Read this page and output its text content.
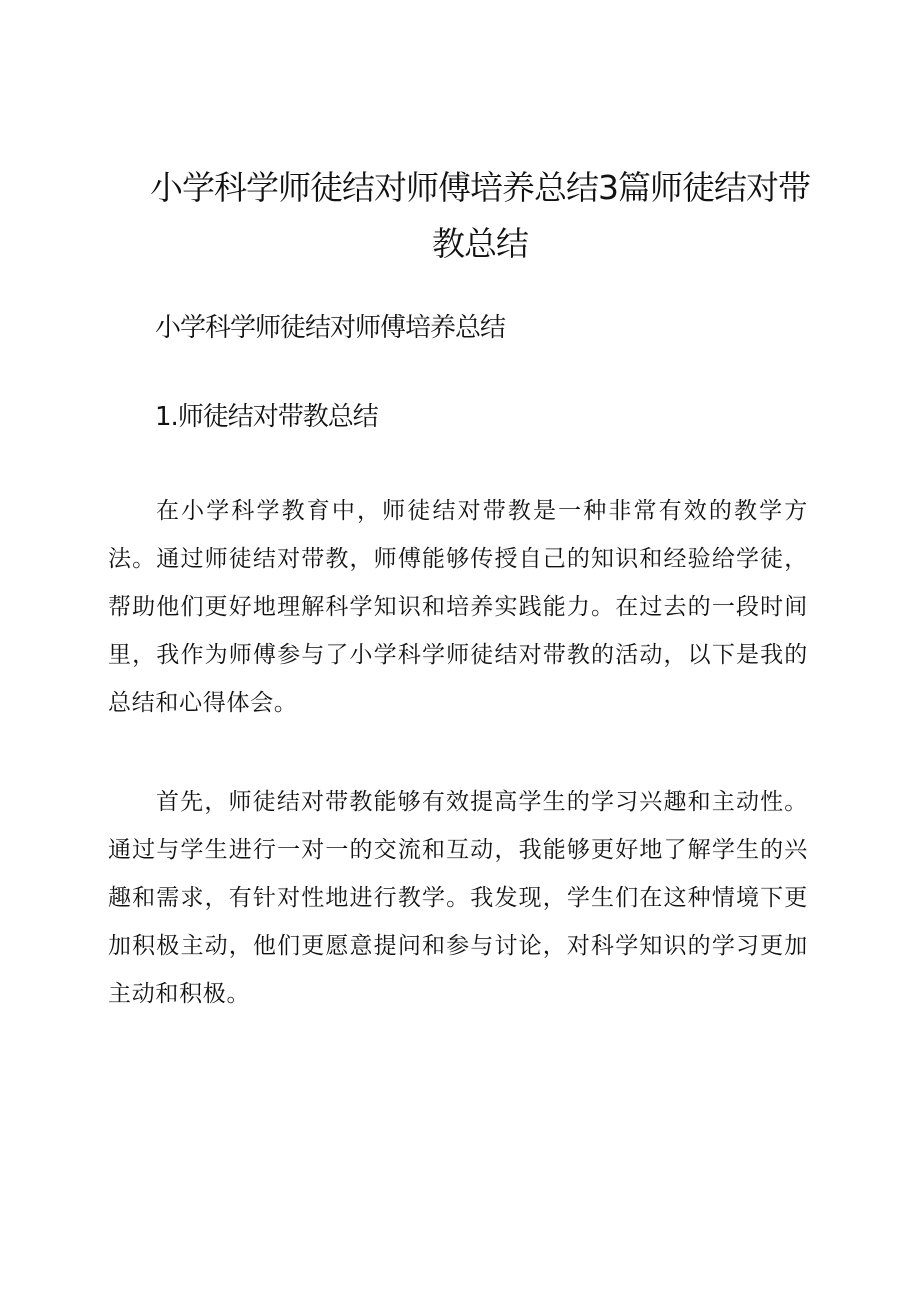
小学科学师徒结对师傅培养总结3篇师徒结对带教总结
小学科学师徒结对师傅培养总结
1.师徒结对带教总结

在小学科学教育中，师徒结对带教是一种非常有效的教学方法。通过师徒结对带教，师傅能够传授自己的知识和经验给学徒，帮助他们更好地理解科学知识和培养实践能力。在过去的一段时间里，我作为师傅参与了小学科学师徒结对带教的活动，以下是我的总结和心得体会。

首先，师徒结对带教能够有效提高学生的学习兴趣和主动性。通过与学生进行一对一的交流和互动，我能够更好地了解学生的兴趣和需求，有针对性地进行教学。我发现，学生们在这种情境下更加积极主动，他们更愿意提问和参与讨论，对科学知识的学习更加主动和积极。
